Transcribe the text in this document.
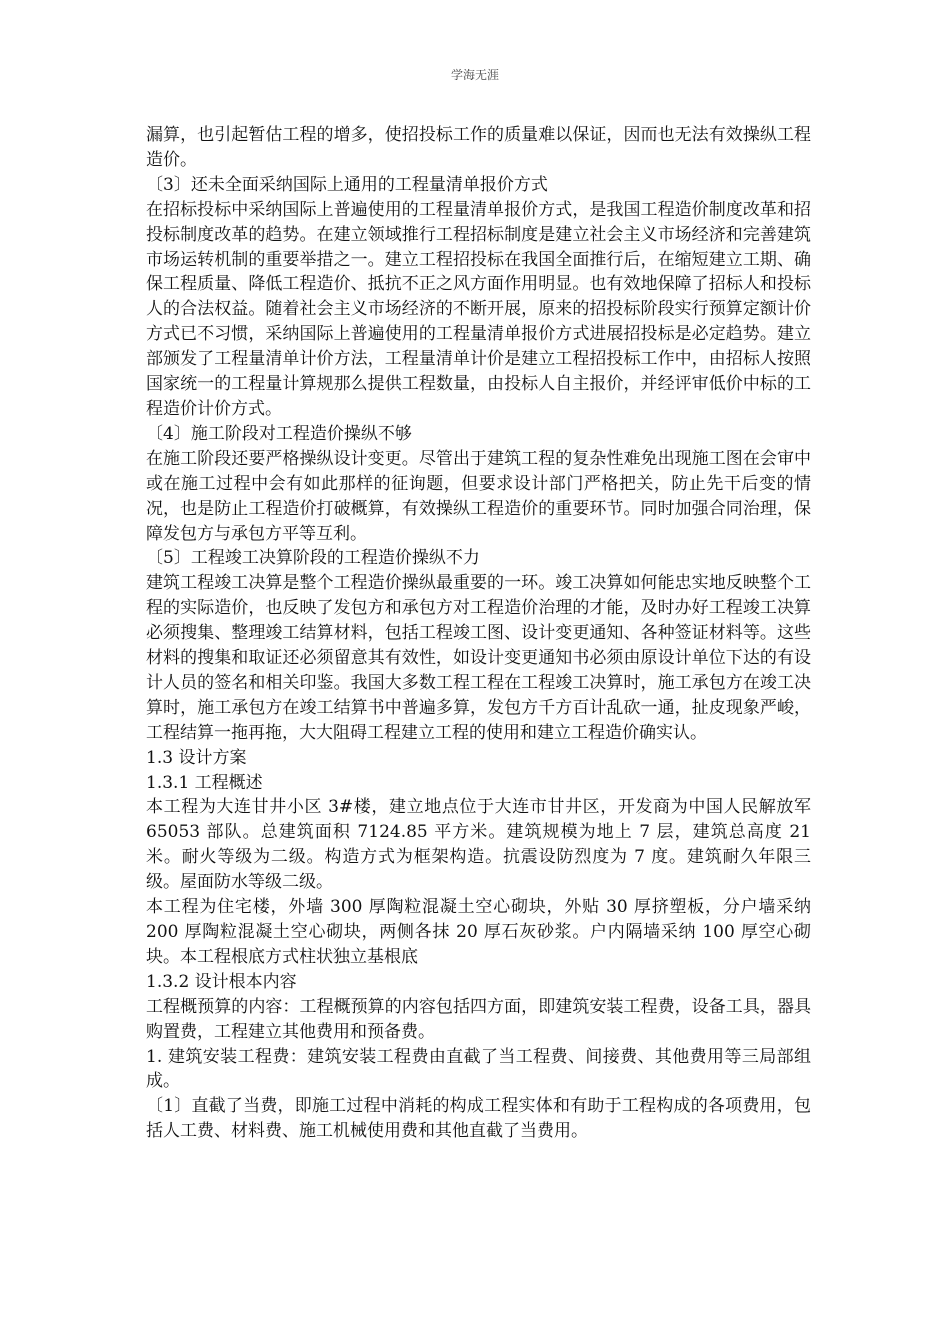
学海无涯

漏算，也引起暂估工程的增多，使招投标工作的质量难以保证，因而也无法有效操纵工程造价。

〔3〕还未全面采纳国际上通用的工程量清单报价方式

在招标投标中采纳国际上普遍使用的工程量清单报价方式，是我国工程造价制度改革和招投标制度改革的趋势。在建立领域推行工程招标制度是建立社会主义市场经济和完善建筑市场运转机制的重要举措之一。建立工程招投标在我国全面推行后，在缩短建立工期、确保工程质量、降低工程造价、抵抗不正之风方面作用明显。也有效地保障了招标人和投标人的合法权益。随着社会主义市场经济的不断开展，原来的招投标阶段实行预算定额计价方式已不习惯，采纳国际上普遍使用的工程量清单报价方式进展招投标是必定趋势。建立部颁发了工程量清单计价方法，工程量清单计价是建立工程招投标工作中，由招标人按照国家统一的工程量计算规那么提供工程数量，由投标人自主报价，并经评审低价中标的工程造价计价方式。

〔4〕施工阶段对工程造价操纵不够

在施工阶段还要严格操纵设计变更。尽管出于建筑工程的复杂性难免出现施工图在会审中或在施工过程中会有如此那样的征询题，但要求设计部门严格把关，防止先干后变的情况，也是防止工程造价打破概算，有效操纵工程造价的重要环节。同时加强合同治理，保障发包方与承包方平等互利。

〔5〕工程竣工决算阶段的工程造价操纵不力

建筑工程竣工决算是整个工程造价操纵最重要的一环。竣工决算如何能忠实地反映整个工程的实际造价，也反映了发包方和承包方对工程造价治理的才能，及时办好工程竣工决算必须搜集、整理竣工结算材料，包括工程竣工图、设计变更通知、各种签证材料等。这些材料的搜集和取证还必须留意其有效性，如设计变更通知书必须由原设计单位下达的有设计人员的签名和相关印鉴。我国大多数工程工程在工程竣工决算时，施工承包方在竣工决算时，施工承包方在竣工结算书中普遍多算，发包方千方百计乱砍一通，扯皮现象严峻，工程结算一拖再拖，大大阻碍工程建立工程的使用和建立工程造价确实认。

1.3 设计方案

1.3.1 工程概述

本工程为大连甘井小区 3#楼，建立地点位于大连市甘井区，开发商为中国人民解放军 65053 部队。总建筑面积 7124.85 平方米。建筑规模为地上 7 层，建筑总高度 21 米。耐火等级为二级。构造方式为框架构造。抗震设防烈度为 7 度。建筑耐久年限三级。屋面防水等级二级。

本工程为住宅楼，外墙 300 厚陶粒混凝土空心砌块，外贴 30 厚挤塑板，分户墙采纳 200 厚陶粒混凝土空心砌块，两侧各抹 20 厚石灰砂浆。户内隔墙采纳 100 厚空心砌块。本工程根底方式柱状独立基根底

1.3.2 设计根本内容

工程概预算的内容：工程概预算的内容包括四方面，即建筑安装工程费，设备工具，器具购置费，工程建立其他费用和预备费。

1. 建筑安装工程费：建筑安装工程费由直截了当工程费、间接费、其他费用等三局部组成。

〔1〕直截了当费，即施工过程中消耗的构成工程实体和有助于工程构成的各项费用，包括人工费、材料费、施工机械使用费和其他直截了当费用。
